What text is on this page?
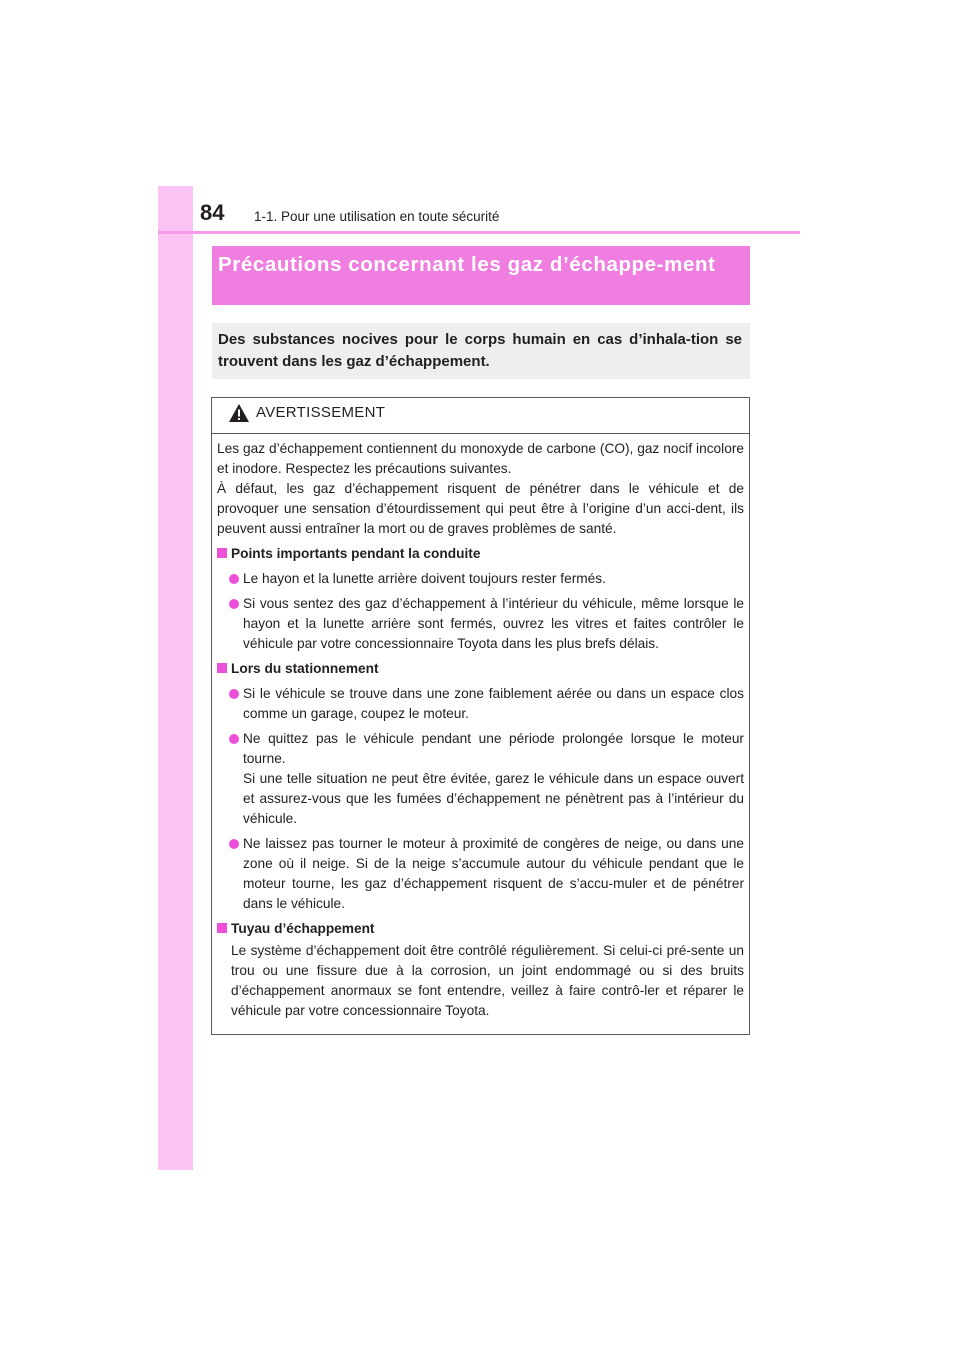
84 1-1. Pour une utilisation en toute sécurité
Précautions concernant les gaz d’échappe-ment

Des substances nocives pour le corps humain en cas d’inhala-tion se trouvent dans les gaz d’échappement.

AVERTISSEMENT

Les gaz d’échappement contiennent du monoxyde de carbone (CO), gaz nocif incolore et inodore. Respectez les précautions suivantes.

À défaut, les gaz d’échappement risquent de pénétrer dans le véhicule et de provoquer une sensation d’étourdissement qui peut être à l’origine d’un acci-dent, ils peuvent aussi entraîner la mort ou de graves problèmes de santé.

Points importants pendant la conduite

Le hayon et la lunette arrière doivent toujours rester fermés.

Si vous sentez des gaz d’échappement à l’intérieur du véhicule, même lorsque le hayon et la lunette arrière sont fermés, ouvrez les vitres et faites contrôler le véhicule par votre concessionnaire Toyota dans les plus brefs délais.

Lors du stationnement

Si le véhicule se trouve dans une zone faiblement aérée ou dans un espace clos comme un garage, coupez le moteur.

Ne quittez pas le véhicule pendant une période prolongée lorsque le moteur tourne.
Si une telle situation ne peut être évitée, garez le véhicule dans un espace ouvert et assurez-vous que les fumées d’échappement ne pénètrent pas à l’intérieur du véhicule.

Ne laissez pas tourner le moteur à proximité de congères de neige, ou dans une zone où il neige. Si de la neige s’accumule autour du véhicule pendant que le moteur tourne, les gaz d’échappement risquent de s’accu-muler et de pénétrer dans le véhicule.

Tuyau d’échappement

Le système d’échappement doit être contrôlé régulièrement. Si celui-ci pré-sente un trou ou une fissure due à la corrosion, un joint endommagé ou si des bruits d’échappement anormaux se font entendre, veillez à faire contrô-ler et réparer le véhicule par votre concessionnaire Toyota.
